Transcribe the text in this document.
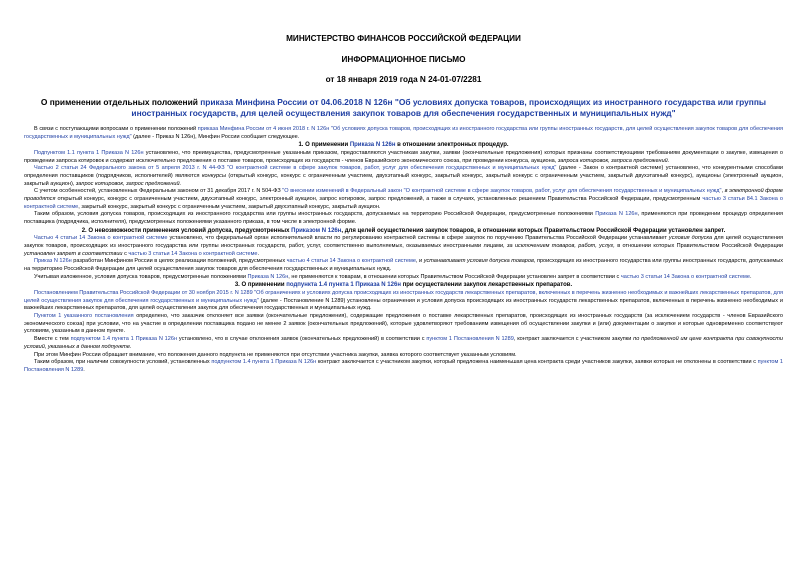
МИНИСТЕРСТВО ФИНАНСОВ РОССИЙСКОЙ ФЕДЕРАЦИИ
ИНФОРМАЦИОННОЕ ПИСЬМО
от 18 января 2019 года N 24-01-07/2281
О применении отдельных положений приказа Минфина России от 04.06.2018 N 126н "Об условиях допуска товаров, происходящих из иностранного государства или группы иностранных государств, для целей осуществления закупок товаров для обеспечения государственных и муниципальных нужд"

В связи с поступающими вопросами о применении положений приказа Минфина России от 4 июня 2018 г. N 126н "Об условиях допуска товаров, происходящих из иностранного государства или группы иностранных государств, для целей осуществления закупок товаров для обеспечения государственных и муниципальных нужд" (далее - Приказ N 126н), Минфин России сообщает следующее.

1. О применении Приказа N 126н в отношении электронных процедур.

Подпунктом 1.1 пункта 1 Приказа N 126н установлено, что преимущества, предусмотренные указанным приказом, предоставляются участникам закупки, заявки (окончательные предложения) которых признаны соответствующими требованиям документации о закупке, извещения о проведении запроса котировок и содержат исключительно предложения о поставке товаров, происходящих из государств - членов Евразийского экономического союза, при проведении конкурса, аукциона, запроса котировок, запроса предложений.

Частью 2 статьи 24 Федерального закона от 5 апреля 2013 г. N 44-ФЗ "О контрактной системе в сфере закупок товаров, работ, услуг для обеспечения государственных и муниципальных нужд" (далее - Закон о контрактной системе) установлено, что конкурентными способами определения поставщиков (подрядчиков, исполнителей) являются конкурсы (открытый конкурс, конкурс с ограниченным участием, двухэтапный конкурс, закрытый конкурс, закрытый конкурс с ограниченным участием, закрытый двухэтапный конкурс), аукционы (электронный аукцион, закрытый аукцион), запрос котировок, запрос предложений.

С учетом особенностей, установленных Федеральным законом от 31 декабря 2017 г. N 504-ФЗ "О внесении изменений в Федеральный закон "О контрактной системе в сфере закупок товаров, работ, услуг для обеспечения государственных и муниципальных нужд", в электронной форме проводятся открытый конкурс, конкурс с ограниченным участием, двухэтапный конкурс, электронный аукцион, запрос котировок, запрос предложений, а также в случаях, установленных решением Правительства Российской Федерации, предусмотренным частью 3 статьи 84.1 Закона о контрактной системе, закрытый конкурс, закрытый конкурс с ограниченным участием, закрытый двухэтапный конкурс, закрытый аукцион.

Таким образом, условия допуска товаров, происходящих из иностранного государства или группы иностранных государств, допускаемых на территорию Российской Федерации, предусмотренные положениями Приказа N 126н, применяются при проведении процедур определения поставщика (подрядчика, исполнителя), предусмотренных положениями указанного приказа, в том числе в электронной форме.

2. О невозможности применения условий допуска, предусмотренных Приказом N 126н, для целей осуществления закупок товаров, в отношении которых Правительством Российской Федерации установлен запрет.

Частью 4 статьи 14 Закона о контрактной системе установлено, что федеральный орган исполнительной власти по регулированию контрактной системы в сфере закупок по поручению Правительства Российской Федерации устанавливает условия допуска для целей осуществления закупок товаров, происходящих из иностранного государства или группы иностранных государств, работ, услуг, соответственно выполняемых, оказываемых иностранными лицами, за исключением товаров, работ, услуг, в отношении которых Правительством Российской Федерации установлен запрет в соответствии с частью 3 статьи 14 Закона о контрактной системе.

Приказ N 126н разработан Минфином России в целях реализации положений, предусмотренных частью 4 статьи 14 Закона о контрактной системе, и устанавливает условия допуска товаров, происходящих из иностранного государства или группы иностранных государств, допускаемых на территорию Российской Федерации для целей осуществления закупок товаров для обеспечения государственных и муниципальных нужд.

Учитывая изложенное, условия допуска товаров, предусмотренные положениями Приказа N 126н, не применяются к товарам, в отношении которых Правительством Российской Федерации установлен запрет в соответствии с частью 3 статьи 14 Закона о контрактной системе.

3. О применении подпункта 1.4 пункта 1 Приказа N 126н при осуществлении закупок лекарственных препаратов.

Постановлением Правительства Российской Федерации от 30 ноября 2015 г. N 1289 "Об ограничениях и условиях допуска происходящих из иностранных государств лекарственных препаратов, включенных в перечень жизненно необходимых и важнейших лекарственных препаратов, для целей осуществления закупок для обеспечения государственных и муниципальных нужд" (далее - Постановление N 1289) установлены ограничения и условия допуска происходящих из иностранных государств лекарственных препаратов, включенных в перечень жизненно необходимых и важнейших лекарственных препаратов, для целей осуществления закупок для обеспечения государственных и муниципальных нужд.

Пунктом 1 указанного постановления определено, что заказчик отклоняет все заявки (окончательные предложения), содержащие предложения о поставке лекарственных препаратов, происходящих из иностранных государств (за исключением государств - членов Евразийского экономического союза) при условии, что на участие в определении поставщика подано не менее 2 заявок (окончательных предложений), которые удовлетворяют требованиям извещения об осуществлении закупки и (или) документации о закупке и которые одновременно соответствуют условиям, указанным в данном пункте.

Вместе с тем подпунктом 1.4 пункта 1 Приказа N 126н установлено, что в случае отклонения заявок (окончательных предложений) в соответствии с пунктом 1 Постановления N 1289, контракт заключается с участником закупки по предложенной им цене контракта при совокупности условий, указанных в данном подпункте.

При этом Минфин России обращает внимание, что положения данного подпункта не применяются при отсутствии участника закупки, заявка которого соответствует указанным условиям.

Таким образом, при наличии совокупности условий, установленных подпунктом 1.4 пункта 1 Приказа N 126н контракт заключается с участником закупки, который предложена наименьшая цена контракта среди участников закупки, заявки которых не отклонены в соответствии с пунктом 1 Постановления N 1289.
